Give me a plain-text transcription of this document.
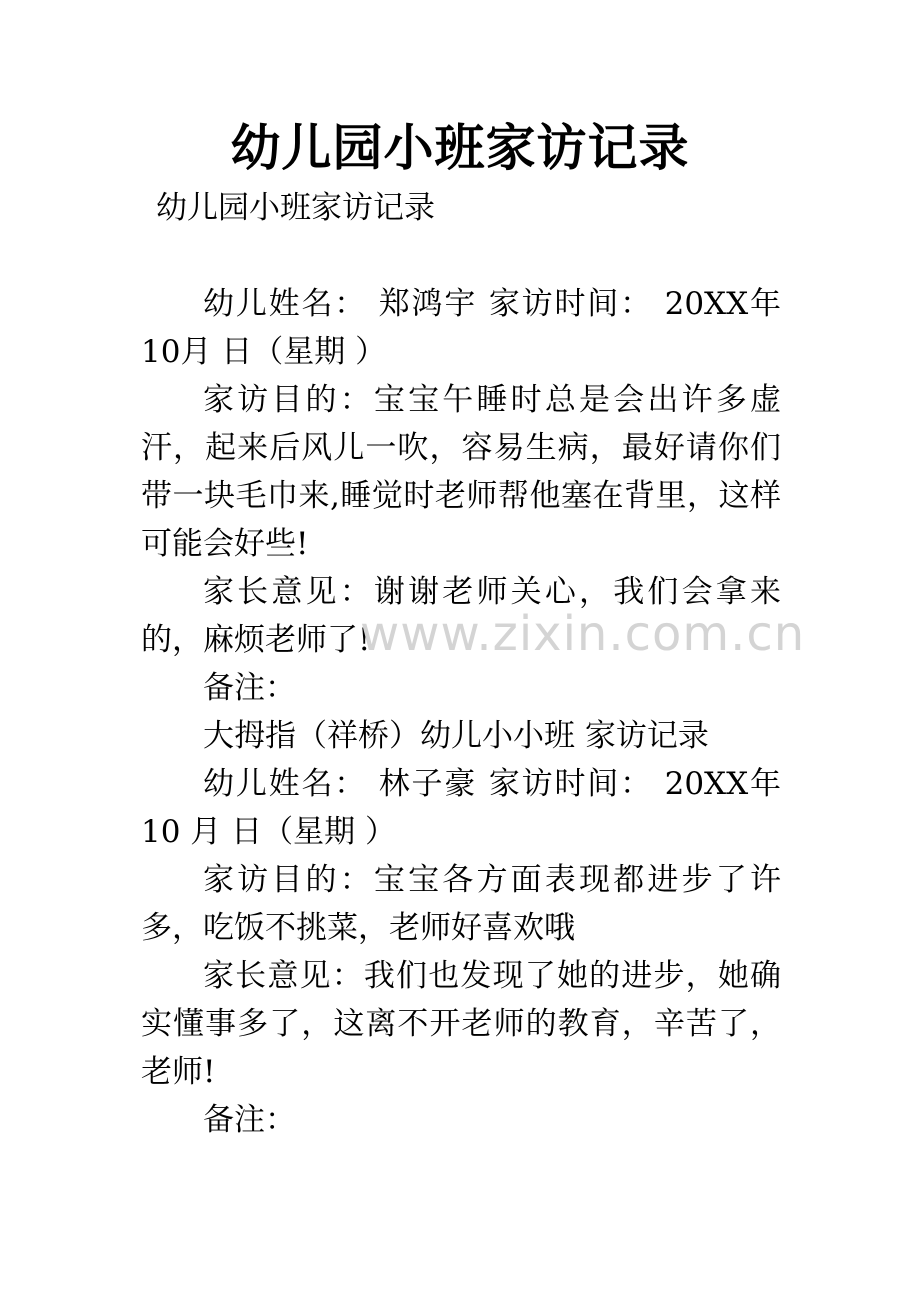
幼儿园小班家访记录
幼儿园小班家访记录

幼儿姓名： 郑鸿宇 家访时间： 20XX年10月 日（星期 ）

家访目的：宝宝午睡时总是会出许多虚汗，起来后风儿一吹，容易生病，最好请你们带一块毛巾来,睡觉时老师帮他塞在背里，这样可能会好些!

家长意见：谢谢老师关心，我们会拿来的，麻烦老师了!

备注：

大拇指（祥桥）幼儿小小班 家访记录

幼儿姓名： 林子豪 家访时间： 20XX年10 月 日（星期 ）

家访目的：宝宝各方面表现都进步了许多，吃饭不挑菜，老师好喜欢哦

家长意见：我们也发现了她的进步，她确实懂事多了，这离不开老师的教育，辛苦了，老师!

备注：

www.zixin.com.cn
